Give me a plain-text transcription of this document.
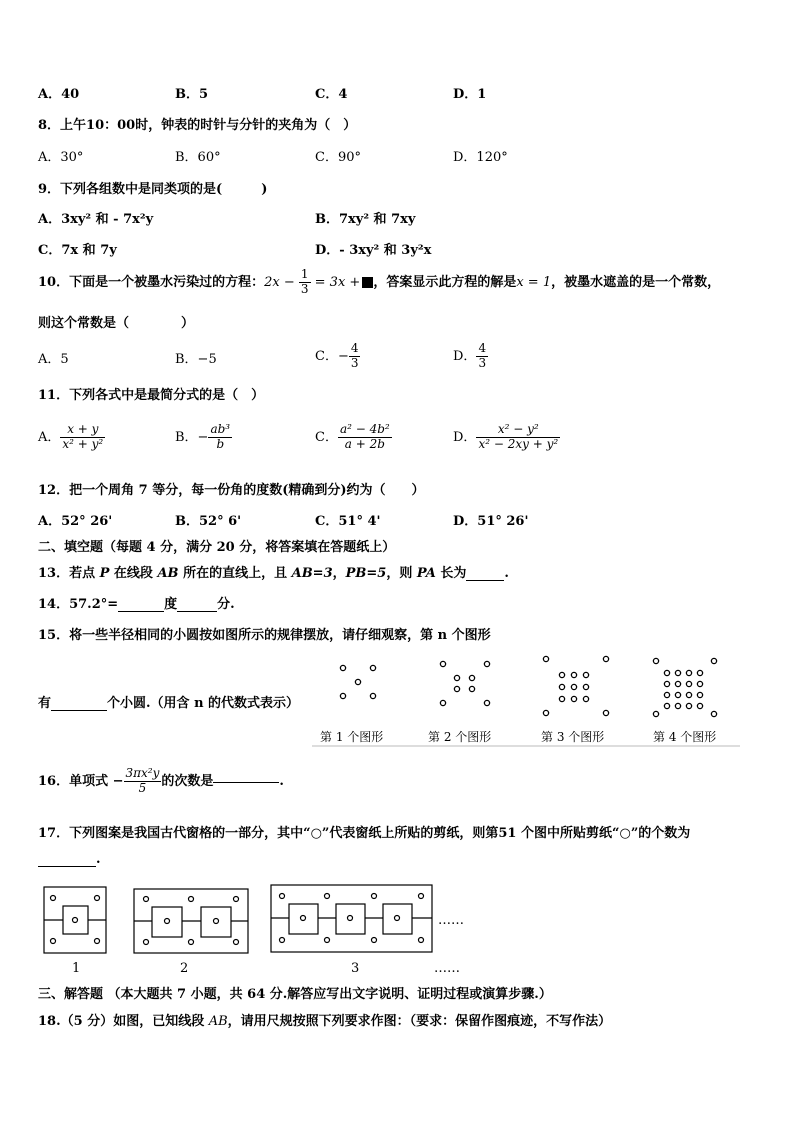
A．40	B．5	C．4	D．1
8．上午10：00时，钟表的时针与分针的夹角为（　）
A．30°	B．60°	C．90°	D．120°
9．下列各组数中是同类项的是(　　　)
A．3xy² 和 - 7x²y	B．7xy² 和 7xy
C．7x 和 7y	D．- 3xy² 和 3y²x
10．下面是一个被墨水污染过的方程：$2x - \frac{1}{3} = 3x$ + ，答案显示此方程的解是x = 1，被墨水遮盖的是一个常数，
则这个常数是（　　　　）
A．5	B．−5	C．− $\frac{4}{3}$	D． $\frac{4}{3}$
11．下列各式中是最简分式的是（　）
A． $\frac{x + y}{\text{x² + y²}}$	B．− $\frac{\text{ab³}}{b}$	C． $\frac{\text{a² − 4b²}}{a + 2b}$	D． $\frac{\text{x² − y²}}{\text{x² − 2xy + y²}}$
12．把一个周角 7 等分，每一份角的度数(精确到分)约为（　　）
A．52° 26'	B．52° 6'	C．51° 4'	D．51° 26'
二、填空题（每题 4 分，满分 20 分，将答案填在答题纸上）
13．若点 P 在线段 AB 所在的直线上，且 AB=3，PB=5，则 PA 长为	.
14．57.2°=	度	分.
15．将一些半径相同的小圆按如图所示的规律摆放，请仔细观察，第 n 个图形
有	个小圆.（用含 n 的代数式表示）
第 1 个图形	第 2 个图形	第 3 个图形	第 4 个图形
16．单项式 − $\frac{\text{3πx²y}}{5}$ 的次数是	.
17．下列图案是我国古代窗格的一部分，其中“○”代表窗纸上所贴的剪纸，则第51 个图中所贴剪纸“○”的个数为
.
……
1	2	3	……
三、解答题 （本大题共 7 小题，共 64 分.解答应写出文字说明、证明过程或演算步骤.）
18.（5 分）如图，已知线段 AB，请用尺规按照下列要求作图：（要求：保留作图痕迹，不写作法）
